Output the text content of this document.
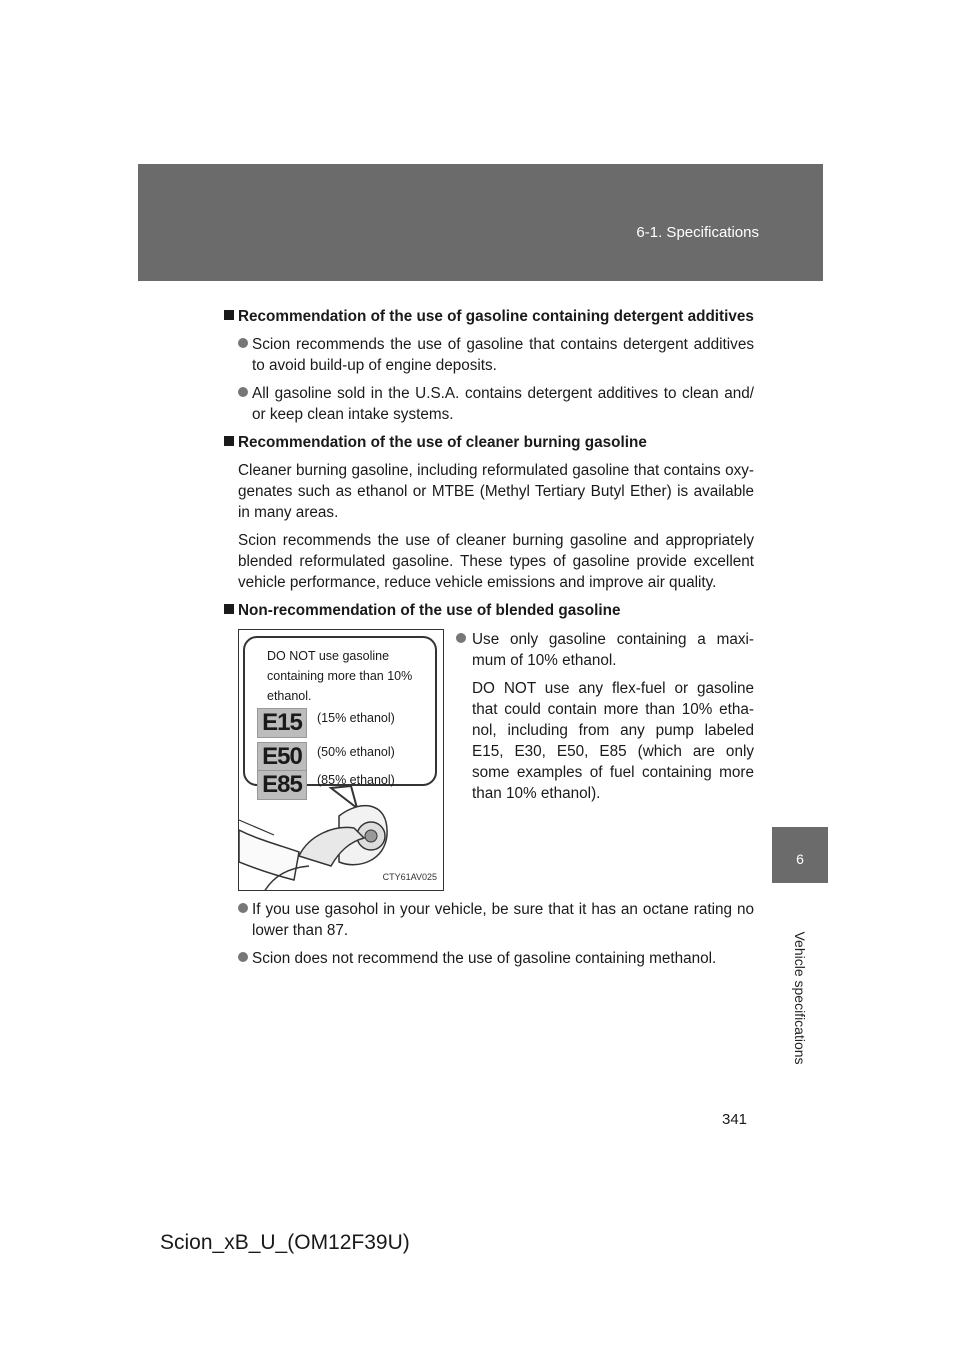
6-1. Specifications
6
Vehicle specifications

Recommendation of the use of gasoline containing detergent additives

Scion recommends the use of gasoline that contains detergent additives to avoid build-up of engine deposits.

All gasoline sold in the U.S.A. contains detergent additives to clean and/ or keep clean intake systems.

Recommendation of the use of cleaner burning gasoline

Cleaner burning gasoline, including reformulated gasoline that contains oxy-genates such as ethanol or MTBE (Methyl Tertiary Butyl Ether) is available in many areas.

Scion recommends the use of cleaner burning gasoline and appropriately blended reformulated gasoline. These types of gasoline provide excellent vehicle performance, reduce vehicle emissions and improve air quality.

Non-recommendation of the use of blended gasoline

DO NOT use gasoline containing more than 10% ethanol.
E15	(15% ethanol)
E50	(50% ethanol)
E85	(85% ethanol)
CTY61AV025

Use only gasoline containing a maxi-mum of 10% ethanol.

DO NOT use any flex-fuel or gasoline that could contain more than 10% etha-nol, including from any pump labeled E15, E30, E50, E85 (which are only some examples of fuel containing more than 10% ethanol).

If you use gasohol in your vehicle, be sure that it has an octane rating no lower than 87.

Scion does not recommend the use of gasoline containing methanol.

341
Scion_xB_U_(OM12F39U)
